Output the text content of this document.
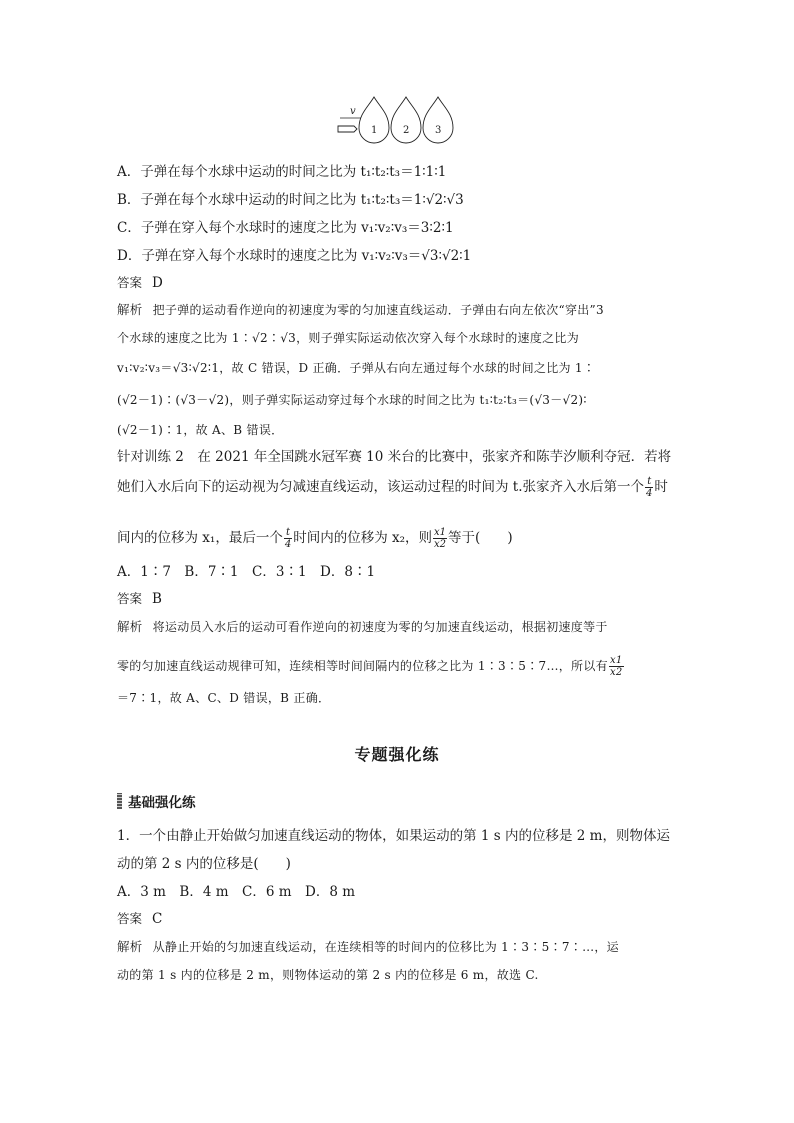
v
1	2	3
A．子弹在每个水球中运动的时间之比为 t₁∶t₂∶t₃＝1∶1∶1
B．子弹在每个水球中运动的时间之比为 t₁∶t₂∶t₃＝1∶√2∶√3
C．子弹在穿入每个水球时的速度之比为 v₁∶v₂∶v₃＝3∶2∶1
D．子弹在穿入每个水球时的速度之比为 v₁∶v₂∶v₃＝√3∶√2∶1
答案 D
解析 把子弹的运动看作逆向的初速度为零的匀加速直线运动．子弹由右向左依次“穿出”3
个水球的速度之比为 1∶√2∶√3，则子弹实际运动依次穿入每个水球时的速度之比为
v₁∶v₂∶v₃＝√3∶√2∶1，故 C 错误，D 正确．子弹从右向左通过每个水球的时间之比为 1∶
(√2－1)∶(√3－√2)，则子弹实际运动穿过每个水球的时间之比为 t₁∶t₂∶t₃＝(√3－√2)∶
(√2－1)∶1，故 A、B 错误．
针对训练 2　在 2021 年全国跳水冠军赛 10 米台的比赛中，张家齐和陈芋汐顺利夺冠．若将
她们入水后向下的运动视为匀减速直线运动，该运动过程的时间为 t.张家齐入水后第一个 $\frac{t}{4}$ 时
间内的位移为 x₁，最后一个 $\frac{t}{4}$ 时间内的位移为 x₂，则 $\frac{x1}{x2}$ 等于(　　)
A．1∶7　B．7∶1　C．3∶1　D．8∶1
答案 B
解析 将运动员入水后的运动可看作逆向的初速度为零的匀加速直线运动，根据初速度等于
零的匀加速直线运动规律可知，连续相等时间间隔内的位移之比为 1∶3∶5∶7…，所以有 $\frac{x1}{x2}$
＝7∶1，故 A、C、D 错误，B 正确．
专题强化练
基础强化练
1．一个由静止开始做匀加速直线运动的物体，如果运动的第 1 s 内的位移是 2 m，则物体运
动的第 2 s 内的位移是(　　)
A．3 m　B．4 m　C．6 m　D．8 m
答案 C
解析 从静止开始的匀加速直线运动，在连续相等的时间内的位移比为 1∶3∶5∶7∶…，运
动的第 1 s 内的位移是 2 m，则物体运动的第 2 s 内的位移是 6 m，故选 C.
